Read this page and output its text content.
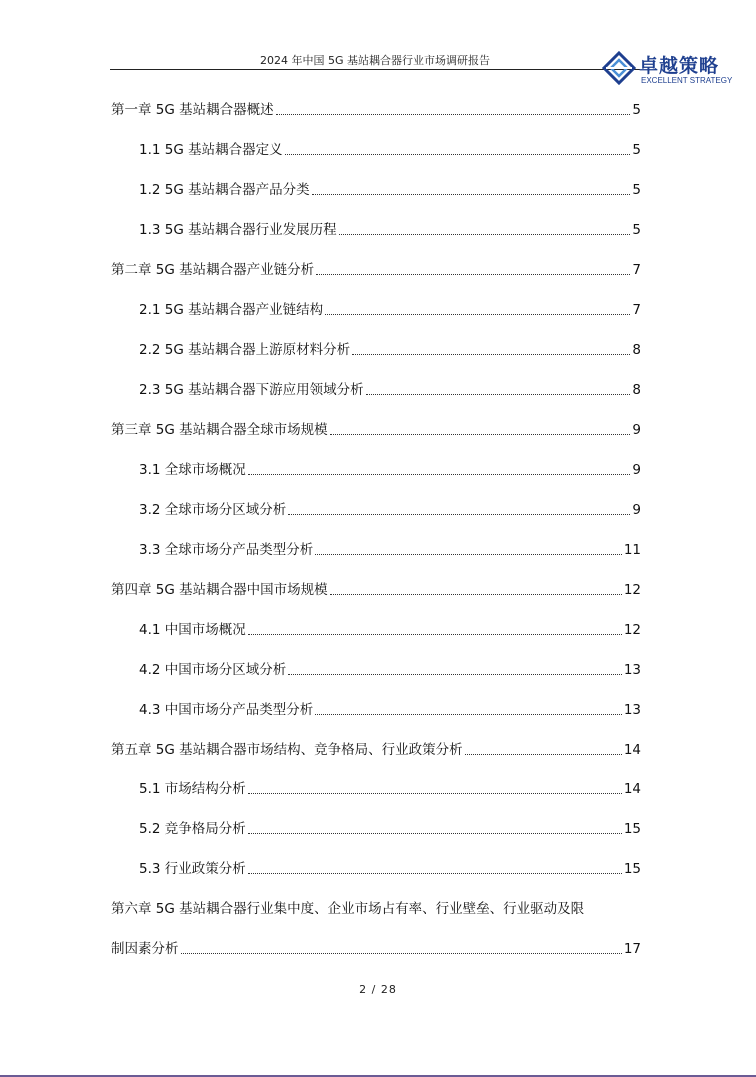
2024 年中国 5G 基站耦合器行业市场调研报告	卓越策略
EXCELLENT STRATEGY
第一章 5G 基站耦合器概述	5
1.1 5G 基站耦合器定义	5
1.2 5G 基站耦合器产品分类	5
1.3 5G 基站耦合器行业发展历程	5
第二章 5G 基站耦合器产业链分析	7
2.1 5G 基站耦合器产业链结构	7
2.2 5G 基站耦合器上游原材料分析	8
2.3 5G 基站耦合器下游应用领域分析	8
第三章 5G 基站耦合器全球市场规模	9
3.1 全球市场概况	9
3.2 全球市场分区域分析	9
3.3 全球市场分产品类型分析	11
第四章 5G 基站耦合器中国市场规模	12
4.1 中国市场概况	12
4.2 中国市场分区域分析	13
4.3 中国市场分产品类型分析	13
第五章 5G 基站耦合器市场结构、竞争格局、行业政策分析	14
5.1 市场结构分析	14
5.2 竞争格局分析	15
5.3 行业政策分析	15
第六章 5G 基站耦合器行业集中度、企业市场占有率、行业壁垒、行业驱动及限
制因素分析	17
2 / 28
